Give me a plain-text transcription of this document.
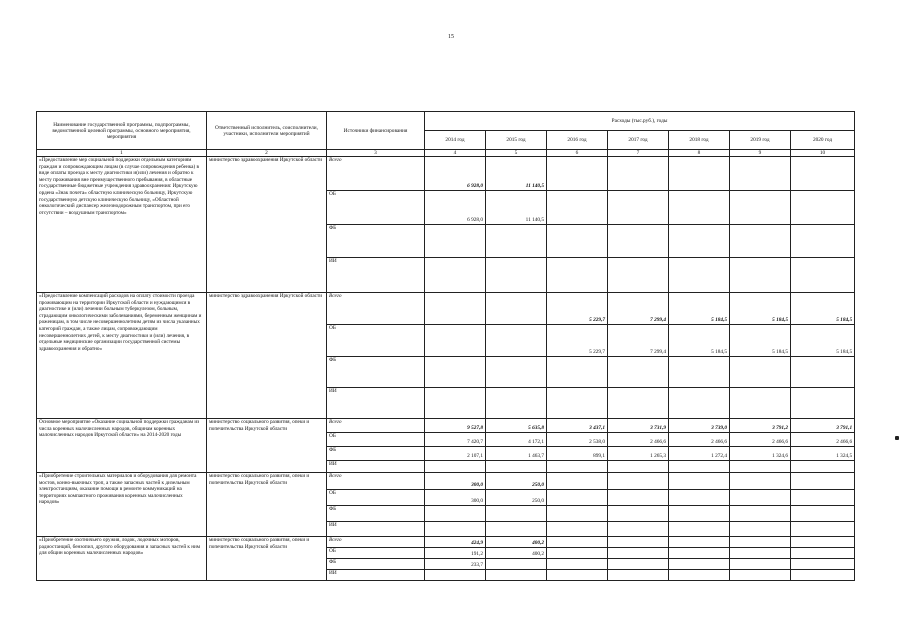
15
Наименование государственной программы, подпрограммы, ведомственной целевой программы, основного мероприятия, мероприятия	Ответственный исполнитель, соисполнители, участники, исполнители мероприятий	Источники финансирования	Расходы (тыс.руб.), годы						
			2014 год	2015 год	2016 год	2017 год	2018 год	2019 год	2020 год
1	2	3	4	5	6	7	8	9	10
«Предоставление мер социальной поддержки отдельным категориям граждан и сопровождающим лицам (в случае сопровождения ребенка) в виде оплаты проезда к месту диагностики и(или) лечения и обратно к месту проживания вне преимущественного пребывания, в областные государственные бюджетные учреждения здравоохранения: Иркутскую ордена «Знак почета» областную клиническую больницу, Иркутскую государственную детскую клиническую больницу, «Областной онкологический диспансер железнодорожным транспортом, при его отсутствии – воздушным транспортом»	министерство здравоохранения Иркутской области	Всего	6 928,0	11 140,5					
		ОБ	6 928,0	11 140,5					
		ФБ							
		ИИ							
«Предоставление компенсаций расходов на оплату стоимости проезда проживающим на территории Иркутской области и нуждающимся в диагностике и (или) лечении больным туберкулезом, больным, страдающим онкологическими заболеваниями, беременным женщинам и роженицам, в том числе несовершеннолетним детям из числа указанных категорий граждан, а также лицам, сопровождающим несовершеннолетних детей, к месту диагностики и (или) лечения, в отдельные медицинские организации государственной системы здравоохранения и обратно»	министерство здравоохранения Иркутской области	Всего			5 229,7	7 299,4	5 184,5	5 184,5	5 184,5
		ОБ			5 229,7	7 299,4	5 184,5	5 184,5	5 184,5
		ФБ							
		ИИ							
Основное мероприятие «Оказание социальной поддержки гражданам из числа коренных малочисленных народов, общинам коренных малочисленных народов Иркутской области» на 2014-2020 годы	министерство социального развития, опеки и попечительства Иркутской области	Всего	9 527,8	5 635,8	3 437,1	3 731,9	3 739,0	3 791,2	3 791,1
		ОБ	7 420,7	4 172,1	2 538,0	2 466,6	2 466,6	2 466,6	2 466,6
		ФБ	2 107,1	1 463,7	899,1	1 265,3	1 272,4	1 324,6	1 324,5
		ИИ							
«Приобретение строительных материалов и оборудования для ремонта мостов, конно-вьючных троп, а также запасных частей к дизельным электростанциям, оказание помощи в ремонте коммуникаций на территориях компактного проживания коренных малочисленных народов»	министерство социального развития, опеки и попечительства Иркутской области	Всего	300,0	250,0					
		ОБ	300,0	250,0					
		ФБ							
		ИИ							
«Приобретение охотничьего оружия, лодок, лодочных моторов, радиостанций, бензопил, другого оборудования и запасных частей к ним для общин коренных малочисленных народов»	министерство социального развития, опеки и попечительства Иркутской области	Всего	424,9	400,2					
		ОБ	191,2	400,2					
		ФБ	233,7						
		ИИ							
